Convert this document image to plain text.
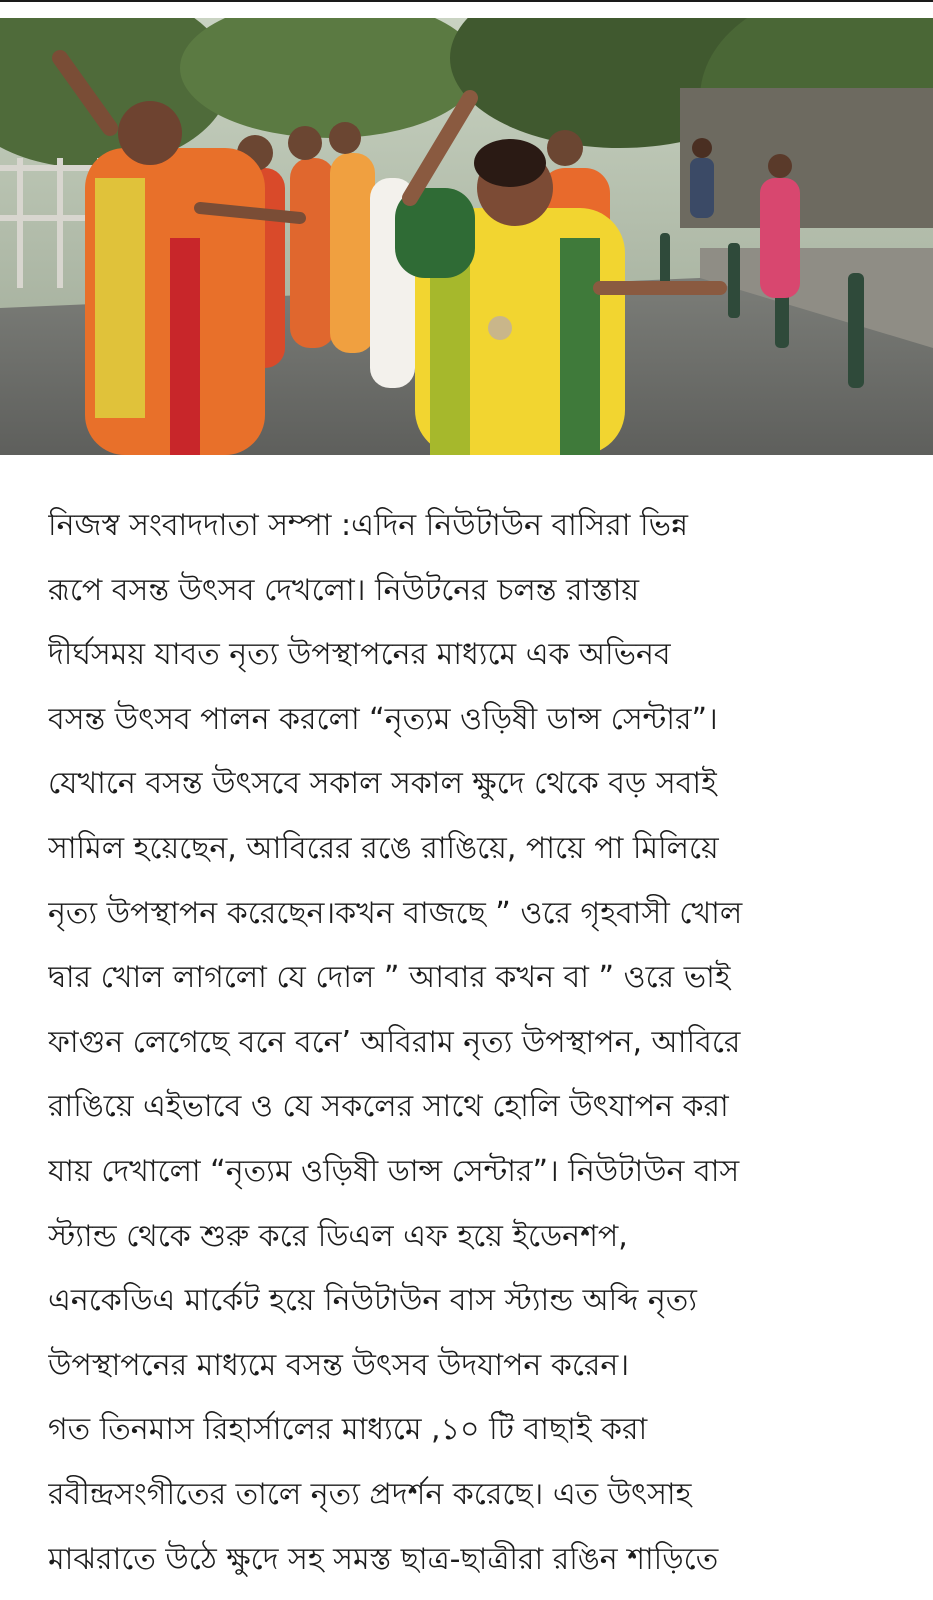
নিজস্ব সংবাদদাতা সম্পা :এদিন নিউটাউন বাসিরা ভিন্ন
রূপে বসন্ত উৎসব দেখলো। নিউটনের চলন্ত রাস্তায়
দীর্ঘসময় যাবত নৃত্য উপস্থাপনের মাধ্যমে এক অভিনব
বসন্ত উৎসব পালন করলো “নৃত্যম ওড়িষী ডান্স সেন্টার”।
যেখানে বসন্ত উৎসবে সকাল সকাল ক্ষুদে থেকে বড় সবাই
সামিল হয়েছেন, আবিরের রঙে রাঙিয়ে, পায়ে পা মিলিয়ে
নৃত্য উপস্থাপন করেছেন।কখন বাজছে ” ওরে গৃহবাসী খোল
দ্বার খোল লাগলো যে দোল ” আবার কখন বা ” ওরে ভাই
ফাগুন লেগেছে বনে বনে’ অবিরাম নৃত্য উপস্থাপন, আবিরে
রাঙিয়ে এইভাবে ও যে সকলের সাথে হোলি উৎযাপন করা
যায় দেখালো “নৃত্যম ওড়িষী ডান্স সেন্টার”। নিউটাউন বাস
স্ট্যান্ড থেকে শুরু করে ডিএল এফ হয়ে ইডেনশপ,
এনকেডিএ মার্কেট হয়ে নিউটাউন বাস স্ট্যান্ড অব্দি নৃত্য
উপস্থাপনের মাধ্যমে বসন্ত উৎসব উদযাপন করেন।
গত তিনমাস রিহার্সালের মাধ্যমে ,১০ টি বাছাই করা
রবীন্দ্রসংগীতের তালে নৃত্য প্রদর্শন করেছে। এত উৎসাহ
মাঝরাতে উঠে ক্ষুদে সহ সমস্ত ছাত্র-ছাত্রীরা রঙিন শাড়িতে
